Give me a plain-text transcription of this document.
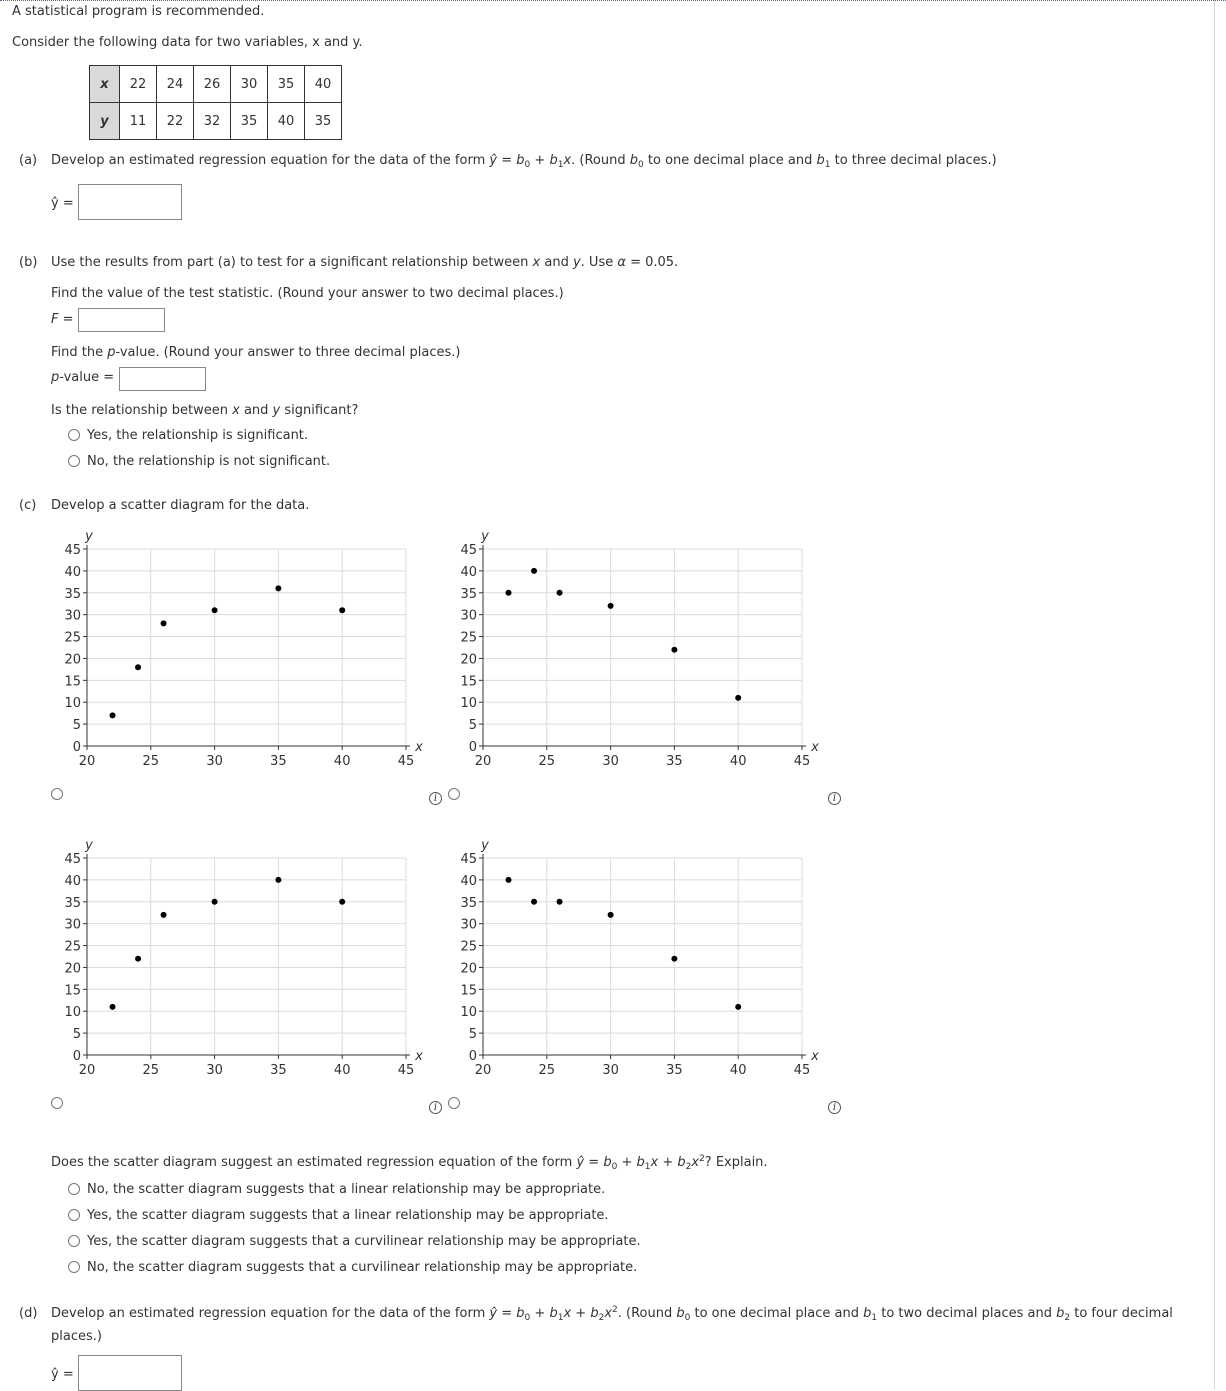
A statistical program is recommended.
Consider the following data for two variables, x and y.
x	22	24	26	30	35	40
y	11	22	32	35	40	35
(a) Develop an estimated regression equation for the data of the form ŷ = $b_0 + b_1x$. (Round $b_0$ to one decimal place and $b_1$ to three decimal places.)
ŷ =
(b) Use the results from part (a) to test for a significant relationship between x and y. Use α = 0.05.
Find the value of the test statistic. (Round your answer to two decimal places.)
F =
Find the p-value. (Round your answer to three decimal places.)
p-value =
Is the relationship between x and y significant?
Yes, the relationship is significant.
No, the relationship is not significant.
(c) Develop a scatter diagram for the data.
0
5
10
15
20
25
30
35
40
45
20	25	30	35	40	45
y
x	0
5
10
15
20
25
30
35
40
45
20	25	30	35	40	45
y
x
0
5
10
15
20
25
30
35
40
45
20	25	30	35	40	45
y
x	0
5
10
15
20
25
30
35
40
45
20	25	30	35	40	45
y
x
i	i
i	i
Does the scatter diagram suggest an estimated regression equation of the form ŷ = $b_0 + b_1x + b_2x^2$? Explain.
No, the scatter diagram suggests that a linear relationship may be appropriate.
Yes, the scatter diagram suggests that a linear relationship may be appropriate.
Yes, the scatter diagram suggests that a curvilinear relationship may be appropriate.
No, the scatter diagram suggests that a curvilinear relationship may be appropriate.
(d) Develop an estimated regression equation for the data of the form ŷ = $b_0 + b_1x + b_2x^2$. (Round $b_0$ to one decimal place and $b_1$ to two decimal places and $b_2$ to four decimal
places.)
ŷ =
